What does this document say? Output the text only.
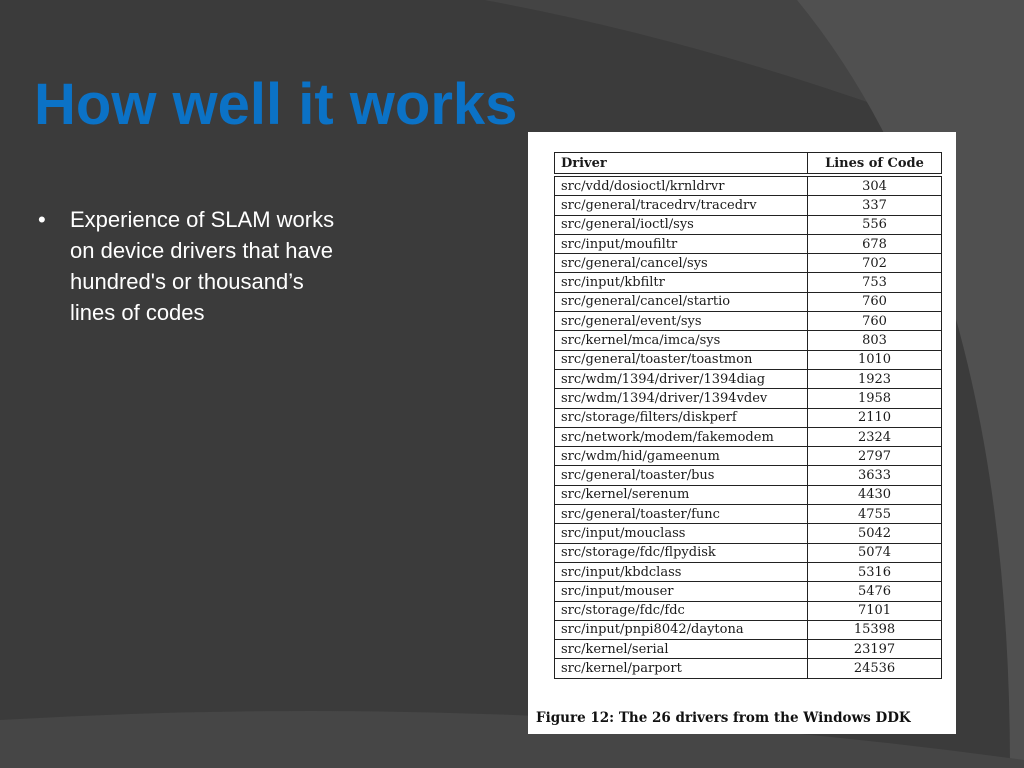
How well it works
• Experience of SLAM works on device drivers that have hundred's or thousand’s lines of codes
Driver	Lines of Code
src/vdd/dosioctl/krnldrvr	304
src/general/tracedrv/tracedrv	337
src/general/ioctl/sys	556
src/input/moufiltr	678
src/general/cancel/sys	702
src/input/kbfiltr	753
src/general/cancel/startio	760
src/general/event/sys	760
src/kernel/mca/imca/sys	803
src/general/toaster/toastmon	1010
src/wdm/1394/driver/1394diag	1923
src/wdm/1394/driver/1394vdev	1958
src/storage/filters/diskperf	2110
src/network/modem/fakemodem	2324
src/wdm/hid/gameenum	2797
src/general/toaster/bus	3633
src/kernel/serenum	4430
src/general/toaster/func	4755
src/input/mouclass	5042
src/storage/fdc/flpydisk	5074
src/input/kbdclass	5316
src/input/mouser	5476
src/storage/fdc/fdc	7101
src/input/pnpi8042/daytona	15398
src/kernel/serial	23197
src/kernel/parport	24536
Figure 12: The 26 drivers from the Windows DDK
